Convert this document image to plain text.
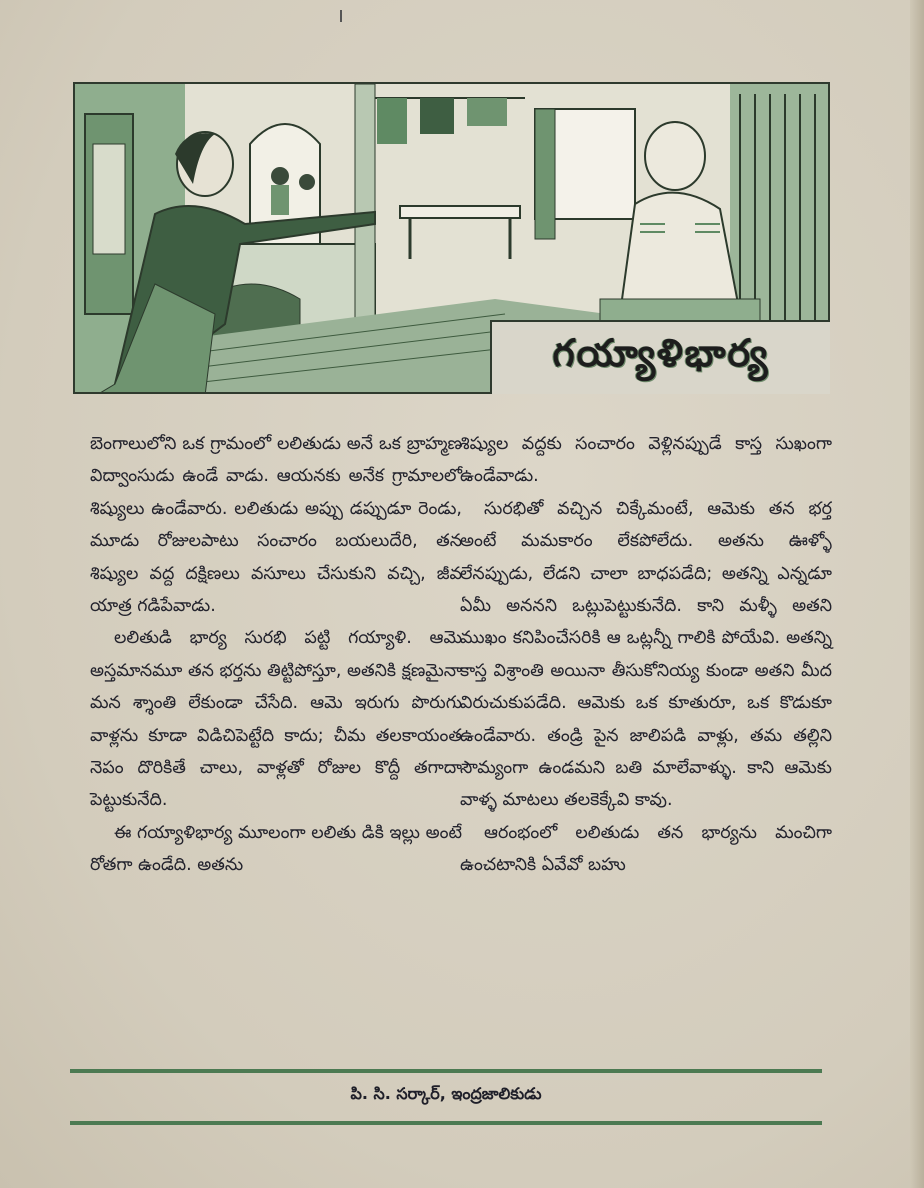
గయ్యాళిభార్య

బెంగాలులోని ఒక గ్రామంలో లలితుడు అనే ఒక బ్రాహ్మణ విద్వాంసుడు ఉండే వాడు. ఆయనకు అనేక గ్రామాలలో శిష్యులు ఉండేవారు. లలితుడు అప్పు డప్పుడూ రెండు, మూడు రోజులపాటు సంచారం బయలుదేరి, తన శిష్యుల వద్ద దక్షిణలు వసూలు చేసుకుని వచ్చి, జీవ యాత్ర గడిపేవాడు.

లలితుడి భార్య సురభి పట్టి గయ్యాళి. ఆమె అస్తమానమూ తన భర్తను తిట్టిపోస్తూ, అతనికి క్షణమైనా మన శ్శాంతి లేకుండా చేసేది. ఆమె ఇరుగు పొరుగు వాళ్లను కూడా విడిచిపెట్టేది కాదు; చీమ తలకాయంత నెపం దొరికితే చాలు, వాళ్లతో రోజుల కొద్దీ తగాదా పెట్టుకునేది.

ఈ గయ్యాళిభార్య మూలంగా లలితు డికి ఇల్లు అంటే రోతగా ఉండేది. అతను

శిష్యుల వద్దకు సంచారం వెళ్లినప్పుడే కాస్త సుఖంగా ఉండేవాడు.

సురభితో వచ్చిన చిక్కేమంటే, ఆమెకు తన భర్త అంటే మమకారం లేకపోలేదు. అతను ఊళ్ళో లేనప్పుడు, లేడని చాలా బాధపడేది; అతన్ని ఎన్నడూ ఏమీ అననని ఒట్లుపెట్టుకునేది. కాని మళ్ళీ అతని ముఖం కనిపించేసరికి ఆ ఒట్లన్నీ గాలికి పోయేవి. అతన్ని కాస్త విశ్రాంతి అయినా తీసుకోనియ్య కుండా అతని మీద విరుచుకుపడేది. ఆమెకు ఒక కూతురూ, ఒక కొడుకూ ఉండేవారు. తండ్రి పైన జాలిపడి వాళ్లు, తమ తల్లిని సౌమ్యంగా ఉండమని బతి మాలేవాళ్ళు. కాని ఆమెకు వాళ్ళ మాటలు తలకెక్కేవి కావు.

ఆరంభంలో లలితుడు తన భార్యను మంచిగా ఉంచటానికి ఏవేవో బహు

పి. సి. సర్కార్, ఇంద్రజాలికుడు
